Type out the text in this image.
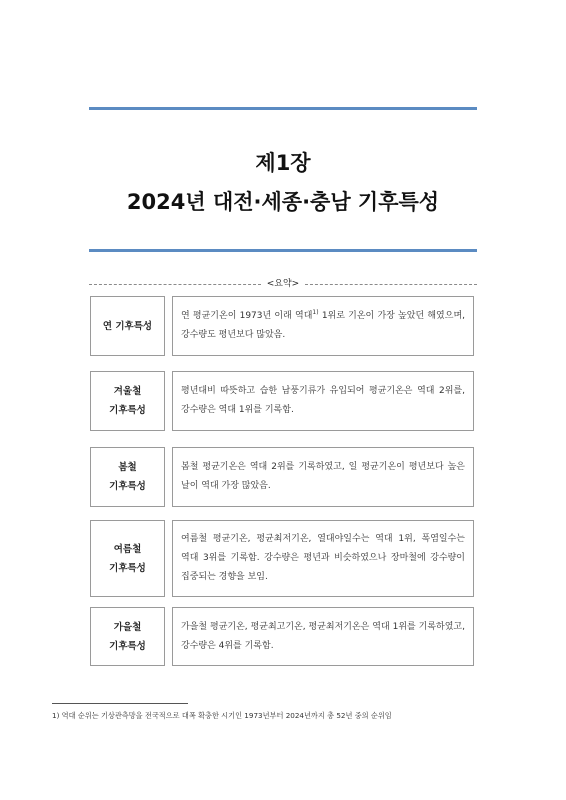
제1장
2024년 대전·세종·충남 기후특성
<요약>
연 기후특성
연 평균기온이 1973년 이래 역대$^{1)}$ 1위로 기온이 가장 높았던 해였으며, 강수량도 평년보다 많았음.
겨울철
기후특성
평년대비 따뜻하고 습한 남풍기류가 유입되어 평균기온은 역대 2위를, 강수량은 역대 1위를 기록함.
봄철
기후특성
봄철 평균기온은 역대 2위를 기록하였고, 일 평균기온이 평년보다 높은 날이 역대 가장 많았음.
여름철
기후특성
여름철 평균기온, 평균최저기온, 열대야일수는 역대 1위, 폭염일수는 역대 3위를 기록함. 강수량은 평년과 비슷하였으나 장마철에 강수량이 집중되는 경향을 보임.
가을철
기후특성
가을철 평균기온, 평균최고기온, 평균최저기온은 역대 1위를 기록하였고, 강수량은 4위를 기록함.
1) 역대 순위는 기상관측망을 전국적으로 대폭 확충한 시기인 1973년부터 2024년까지 총 52년 중의 순위임
